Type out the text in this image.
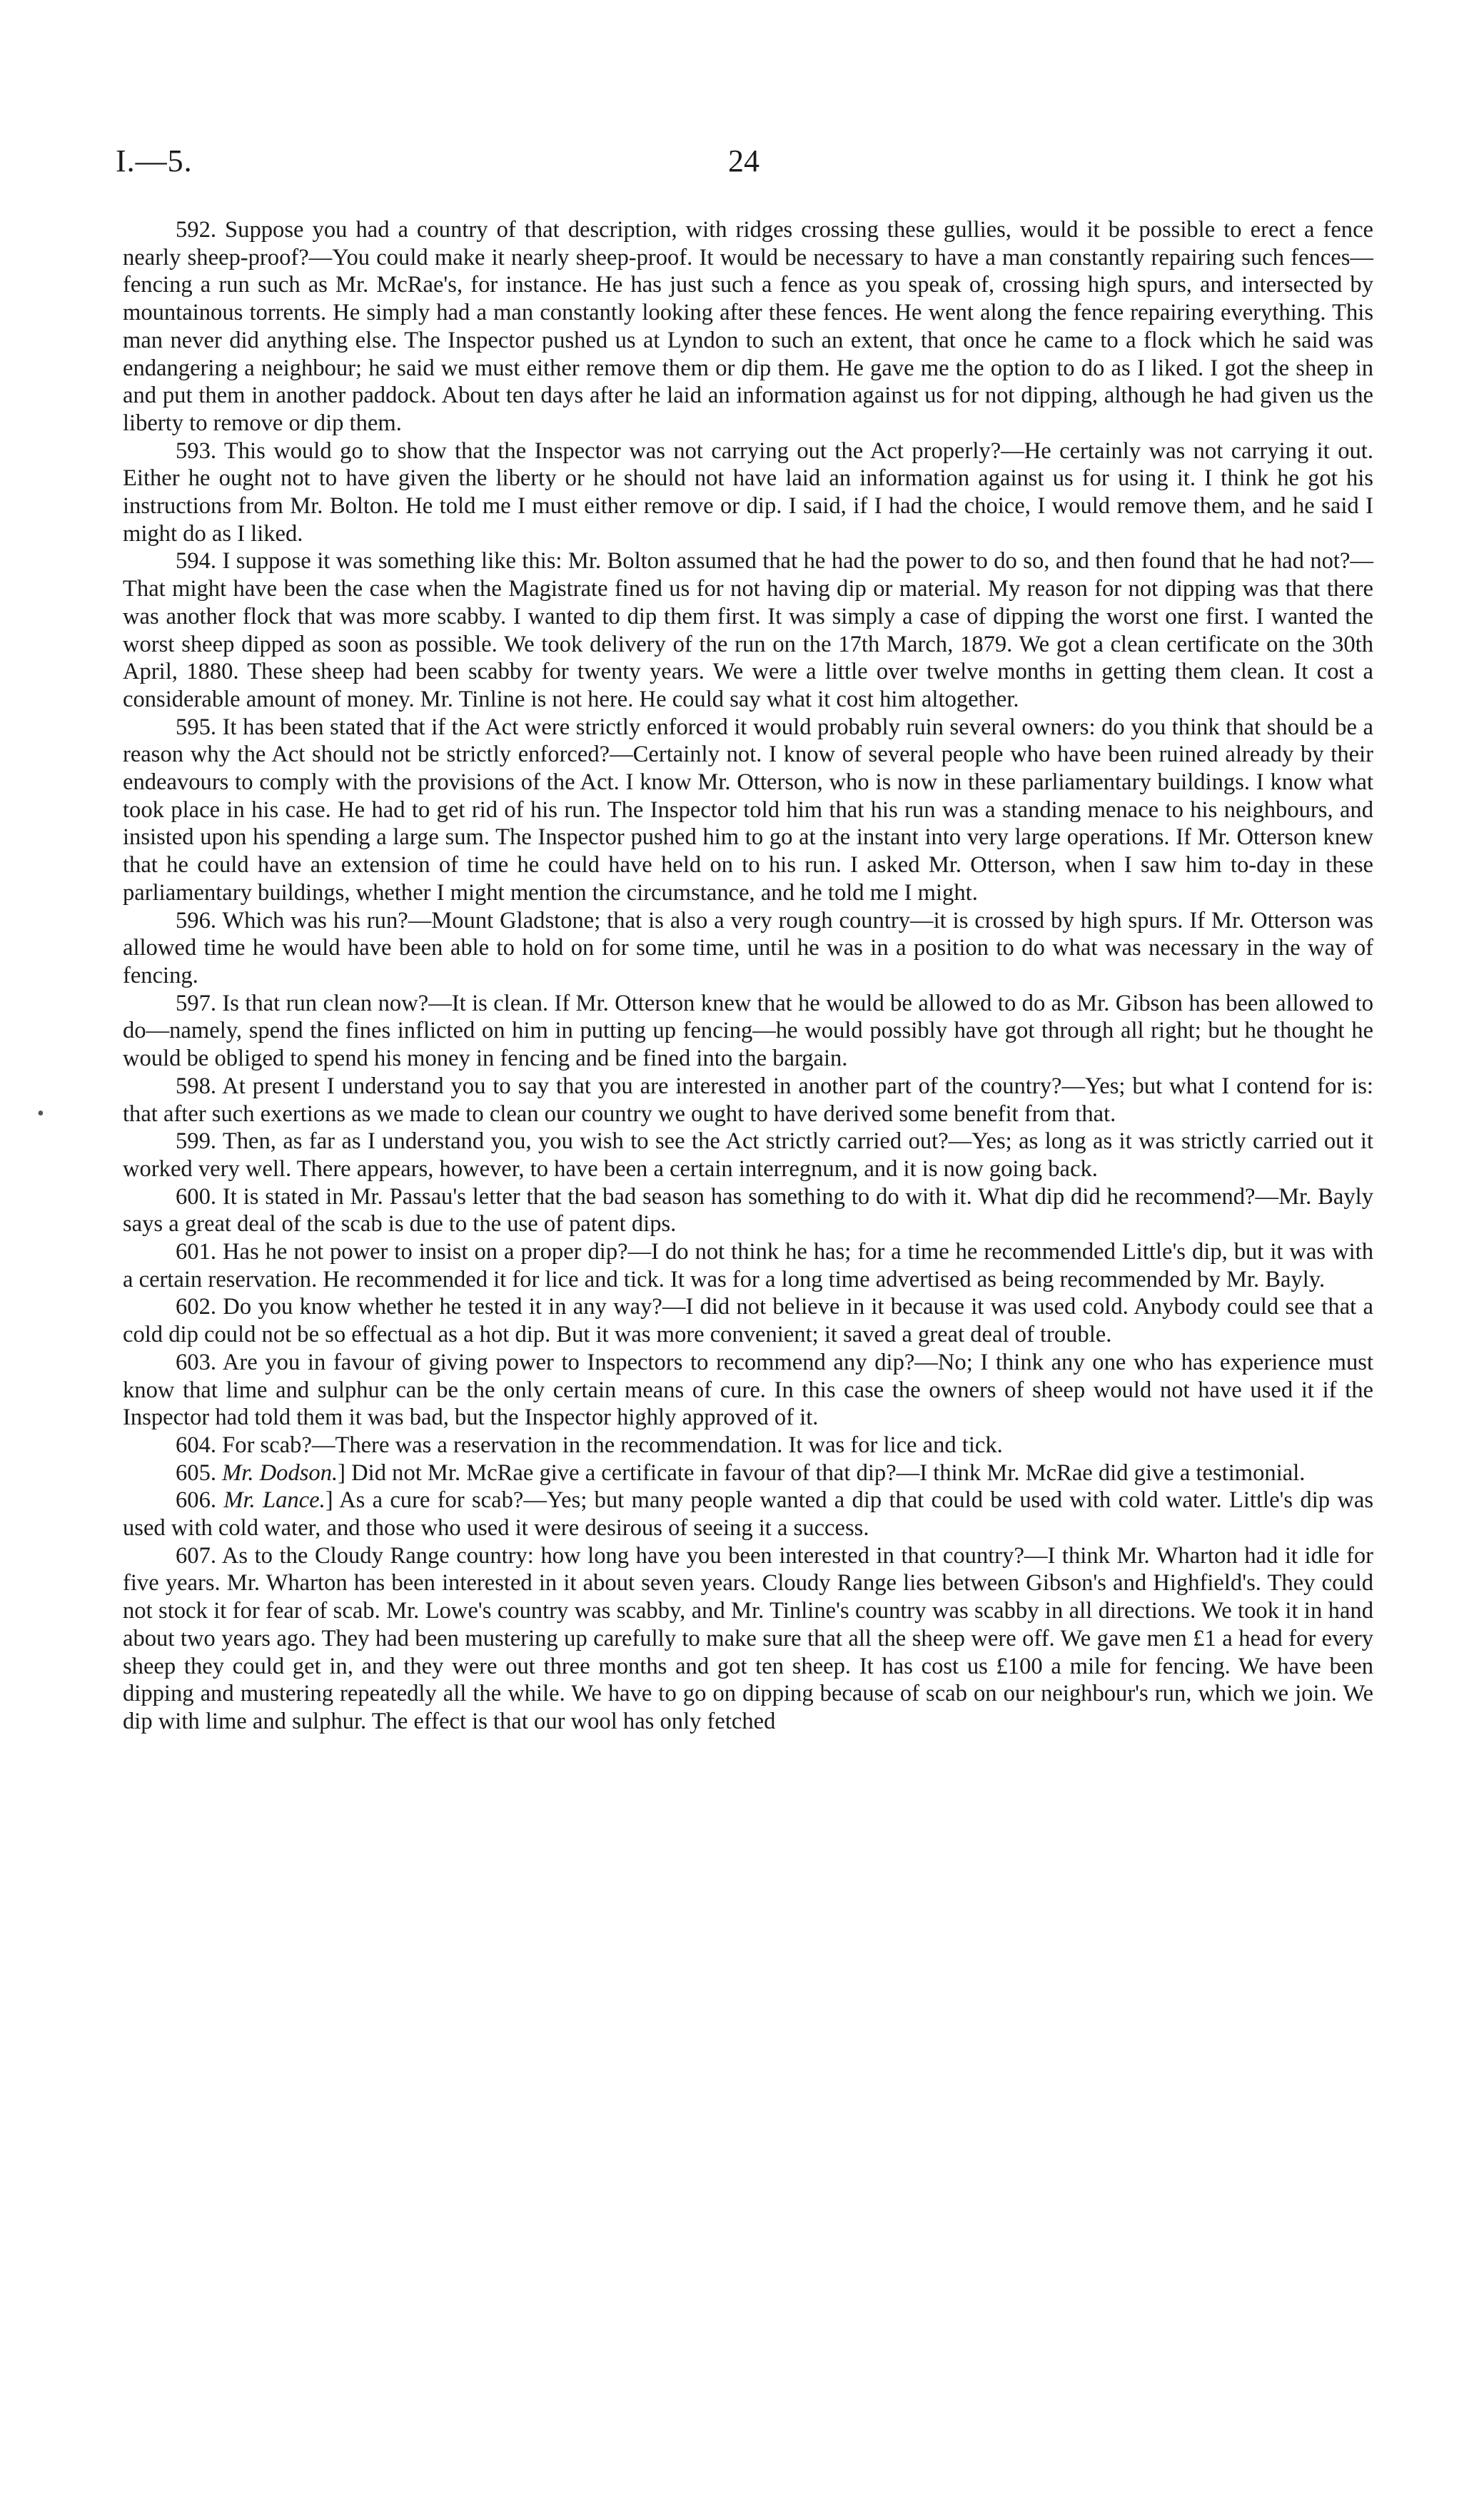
I.—5.	24

592. Suppose you had a country of that description, with ridges crossing these gullies, would it be possible to erect a fence nearly sheep-proof?—You could make it nearly sheep-proof. It would be necessary to have a man constantly repairing such fences—fencing a run such as Mr. McRae's, for instance. He has just such a fence as you speak of, crossing high spurs, and intersected by mountainous torrents. He simply had a man constantly looking after these fences. He went along the fence repairing everything. This man never did anything else. The Inspector pushed us at Lyndon to such an extent, that once he came to a flock which he said was endangering a neighbour; he said we must either remove them or dip them. He gave me the option to do as I liked. I got the sheep in and put them in another paddock. About ten days after he laid an information against us for not dipping, although he had given us the liberty to remove or dip them.

593. This would go to show that the Inspector was not carrying out the Act properly?—He certainly was not carrying it out. Either he ought not to have given the liberty or he should not have laid an information against us for using it. I think he got his instructions from Mr. Bolton. He told me I must either remove or dip. I said, if I had the choice, I would remove them, and he said I might do as I liked.

594. I suppose it was something like this: Mr. Bolton assumed that he had the power to do so, and then found that he had not?—That might have been the case when the Magistrate fined us for not having dip or material. My reason for not dipping was that there was another flock that was more scabby. I wanted to dip them first. It was simply a case of dipping the worst one first. I wanted the worst sheep dipped as soon as possible. We took delivery of the run on the 17th March, 1879. We got a clean certificate on the 30th April, 1880. These sheep had been scabby for twenty years. We were a little over twelve months in getting them clean. It cost a considerable amount of money. Mr. Tinline is not here. He could say what it cost him altogether.

595. It has been stated that if the Act were strictly enforced it would probably ruin several owners: do you think that should be a reason why the Act should not be strictly enforced?—Certainly not. I know of several people who have been ruined already by their endeavours to comply with the provisions of the Act. I know Mr. Otterson, who is now in these parliamentary buildings. I know what took place in his case. He had to get rid of his run. The Inspector told him that his run was a standing menace to his neighbours, and insisted upon his spending a large sum. The Inspector pushed him to go at the instant into very large operations. If Mr. Otterson knew that he could have an extension of time he could have held on to his run. I asked Mr. Otterson, when I saw him to-day in these parliamentary buildings, whether I might mention the circumstance, and he told me I might.

596. Which was his run?—Mount Gladstone; that is also a very rough country—it is crossed by high spurs. If Mr. Otterson was allowed time he would have been able to hold on for some time, until he was in a position to do what was necessary in the way of fencing.

597. Is that run clean now?—It is clean. If Mr. Otterson knew that he would be allowed to do as Mr. Gibson has been allowed to do—namely, spend the fines inflicted on him in putting up fencing—he would possibly have got through all right; but he thought he would be obliged to spend his money in fencing and be fined into the bargain.

598. At present I understand you to say that you are interested in another part of the country?—Yes; but what I contend for is: that after such exertions as we made to clean our country we ought to have derived some benefit from that.

599. Then, as far as I understand you, you wish to see the Act strictly carried out?—Yes; as long as it was strictly carried out it worked very well. There appears, however, to have been a certain interregnum, and it is now going back.

600. It is stated in Mr. Passau's letter that the bad season has something to do with it. What dip did he recommend?—Mr. Bayly says a great deal of the scab is due to the use of patent dips.

601. Has he not power to insist on a proper dip?—I do not think he has; for a time he recommended Little's dip, but it was with a certain reservation. He recommended it for lice and tick. It was for a long time advertised as being recommended by Mr. Bayly.

602. Do you know whether he tested it in any way?—I did not believe in it because it was used cold. Anybody could see that a cold dip could not be so effectual as a hot dip. But it was more convenient; it saved a great deal of trouble.

603. Are you in favour of giving power to Inspectors to recommend any dip?—No; I think any one who has experience must know that lime and sulphur can be the only certain means of cure. In this case the owners of sheep would not have used it if the Inspector had told them it was bad, but the Inspector highly approved of it.

604. For scab?—There was a reservation in the recommendation. It was for lice and tick.

605. Mr. Dodson.] Did not Mr. McRae give a certificate in favour of that dip?—I think Mr. McRae did give a testimonial.

606. Mr. Lance.] As a cure for scab?—Yes; but many people wanted a dip that could be used with cold water. Little's dip was used with cold water, and those who used it were desirous of seeing it a success.

607. As to the Cloudy Range country: how long have you been interested in that country?—I think Mr. Wharton had it idle for five years. Mr. Wharton has been interested in it about seven years. Cloudy Range lies between Gibson's and Highfield's. They could not stock it for fear of scab. Mr. Lowe's country was scabby, and Mr. Tinline's country was scabby in all directions. We took it in hand about two years ago. They had been mustering up carefully to make sure that all the sheep were off. We gave men £1 a head for every sheep they could get in, and they were out three months and got ten sheep. It has cost us £100 a mile for fencing. We have been dipping and mustering repeatedly all the while. We have to go on dipping because of scab on our neighbour's run, which we join. We dip with lime and sulphur. The effect is that our wool has only fetched

•
